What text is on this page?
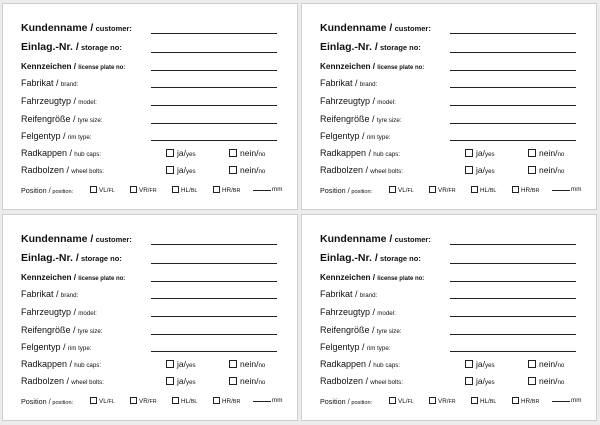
Kundenname / customer:
Einlag.-Nr. / storage no:
Kennzeichen / license plate no:
Fabrikat / brand:
Fahrzeugtyp / model:
Reifengröße / tyre size:
Felgentyp / rim type:
Radkappen / hub caps:	ja/yes	nein/no
Radbolzen / wheel bolts:	ja/yes	nein/no
Position / position:	VL/FL	VR/FR	HL/BL	HR/BR	mm
Kundenname / customer:
Einlag.-Nr. / storage no:
Kennzeichen / license plate no:
Fabrikat / brand:
Fahrzeugtyp / model:
Reifengröße / tyre size:
Felgentyp / rim type:
Radkappen / hub caps:	ja/yes	nein/no
Radbolzen / wheel bolts:	ja/yes	nein/no
Position / position:	VL/FL	VR/FR	HL/BL	HR/BR	mm
Kundenname / customer:
Einlag.-Nr. / storage no:
Kennzeichen / license plate no:
Fabrikat / brand:
Fahrzeugtyp / model:
Reifengröße / tyre size:
Felgentyp / rim type:
Radkappen / hub caps:	ja/yes	nein/no
Radbolzen / wheel bolts:	ja/yes	nein/no
Position / position:	VL/FL	VR/FR	HL/BL	HR/BR	mm
Kundenname / customer:
Einlag.-Nr. / storage no:
Kennzeichen / license plate no:
Fabrikat / brand:
Fahrzeugtyp / model:
Reifengröße / tyre size:
Felgentyp / rim type:
Radkappen / hub caps:	ja/yes	nein/no
Radbolzen / wheel bolts:	ja/yes	nein/no
Position / position:	VL/FL	VR/FR	HL/BL	HR/BR	mm
